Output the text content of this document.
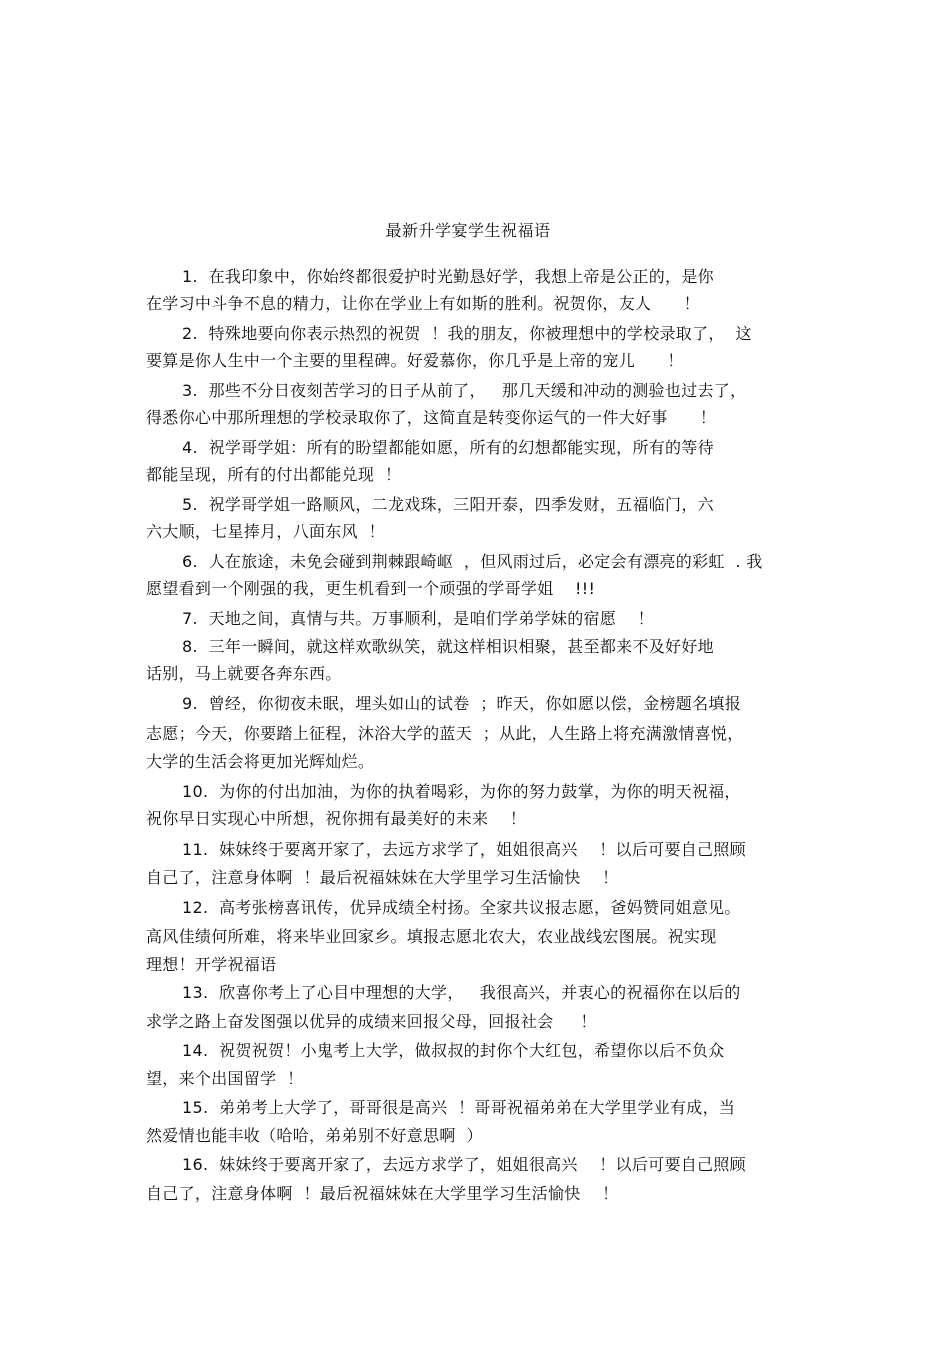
最新升学宴学生祝福语
1.  在我印象中，你始终都很爱护时光勤恳好学，我想上帝是公正的，是你
在学习中斗争不息的精力，让你在学业上有如斯的胜利。祝贺你，友人      ！
2.  特殊地要向你表示热烈的祝贺  ！我的朋友，你被理想中的学校录取了，  这
要算是你人生中一个主要的里程碑。好爱慕你，你几乎是上帝的宠儿      ！
3.  那些不分日夜刻苦学习的日子从前了，   那几天缓和冲动的测验也过去了，
得悉你心中那所理想的学校录取你了，这简直是转变你运气的一件大好事      ！
4.  祝学哥学姐：所有的盼望都能如愿，所有的幻想都能实现，所有的等待
都能呈现，所有的付出都能兑现  ！
5.  祝学哥学姐一路顺风，二龙戏珠，三阳开泰，四季发财，五福临门，六
六大顺，七星捧月，八面东风  ！
6.  人在旅途，未免会碰到荆棘跟崎岖  ，但风雨过后，必定会有漂亮的彩虹  . 我
愿望看到一个刚强的我，更生机看到一个顽强的学哥学姐    !!!
7.  天地之间，真情与共。万事顺利，是咱们学弟学妹的宿愿    ！
8.  三年一瞬间，就这样欢歌纵笑，就这样相识相聚，甚至都来不及好好地
话别，马上就要各奔东西。
9.  曾经，你彻夜未眠，埋头如山的试卷  ；昨天，你如愿以偿，金榜题名填报
志愿；今天，你要踏上征程，沐浴大学的蓝天  ；从此，人生路上将充满激情喜悦，
大学的生活会将更加光辉灿烂。
10.  为你的付出加油，为你的执着喝彩，为你的努力鼓掌，为你的明天祝福，
祝你早日实现心中所想，祝你拥有最美好的未来    ！
11.  妹妹终于要离开家了，去远方求学了，姐姐很高兴    ！以后可要自己照顾
自己了，注意身体啊  ！最后祝福妹妹在大学里学习生活愉快    ！
12.  高考张榜喜讯传，优异成绩全村扬。全家共议报志愿，爸妈赞同姐意见。
高风佳绩何所难，将来毕业回家乡。填报志愿北农大，农业战线宏图展。祝实现
理想！开学祝福语
13.  欣喜你考上了心目中理想的大学，   我很高兴，并衷心的祝福你在以后的
求学之路上奋发图强以优异的成绩来回报父母，回报社会     ！
14.  祝贺祝贺！小鬼考上大学，做叔叔的封你个大红包，希望你以后不负众
望，来个出国留学  ！
15.  弟弟考上大学了，哥哥很是高兴  ！哥哥祝福弟弟在大学里学业有成，当
然爱情也能丰收（哈哈，弟弟别不好意思啊  ）
16.  妹妹终于要离开家了，去远方求学了，姐姐很高兴    ！以后可要自己照顾
自己了，注意身体啊  ！最后祝福妹妹在大学里学习生活愉快    ！
